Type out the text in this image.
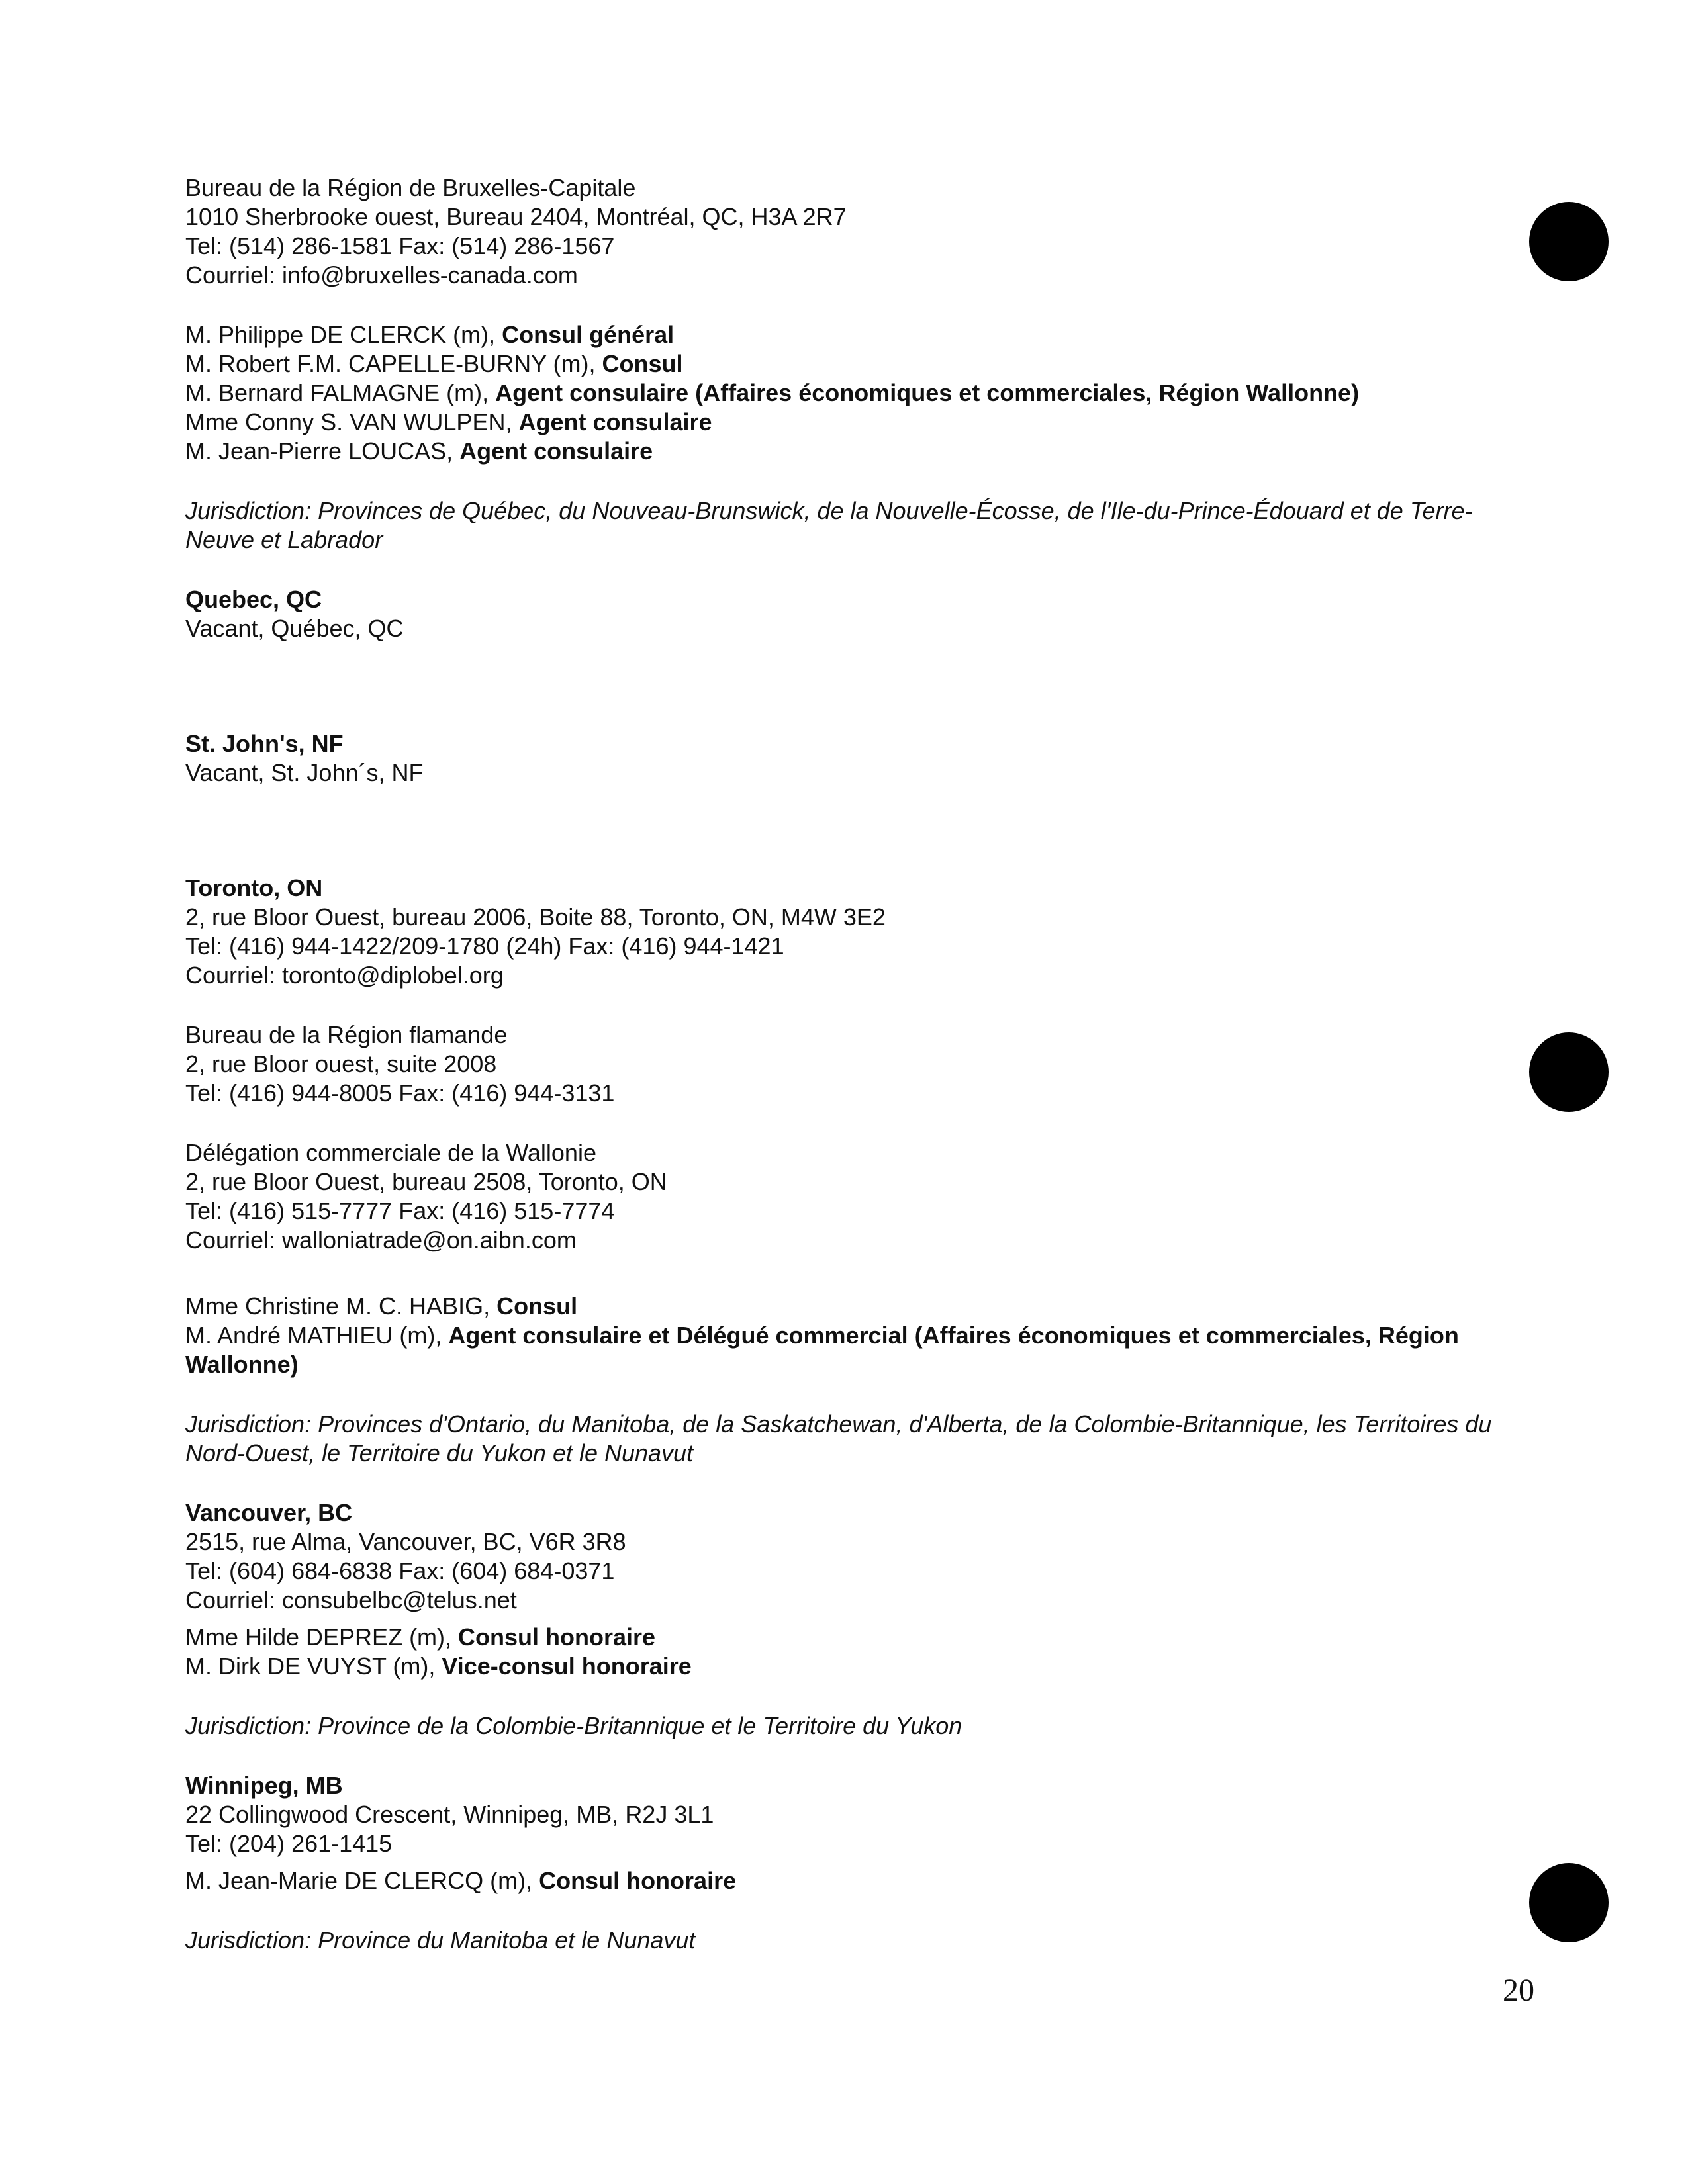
Bureau de la Région de Bruxelles-Capitale
1010 Sherbrooke ouest, Bureau 2404, Montréal, QC, H3A 2R7
Tel: (514) 286-1581 Fax: (514) 286-1567
Courriel: info@bruxelles-canada.com
M. Philippe DE CLERCK (m), Consul général
M. Robert F.M. CAPELLE-BURNY (m), Consul
M. Bernard FALMAGNE (m), Agent consulaire (Affaires économiques et commerciales, Région Wallonne)
Mme Conny S. VAN WULPEN, Agent consulaire
M. Jean-Pierre LOUCAS, Agent consulaire
Jurisdiction: Provinces de Québec, du Nouveau-Brunswick, de la Nouvelle-Écosse, de l'Ile-du-Prince-Édouard et de Terre-Neuve et Labrador
Quebec, QC
Vacant, Québec, QC
St. John's, NF
Vacant, St. John´s, NF
Toronto, ON
2, rue Bloor Ouest, bureau 2006, Boite 88, Toronto, ON, M4W 3E2
Tel: (416) 944-1422/209-1780 (24h) Fax: (416) 944-1421
Courriel: toronto@diplobel.org
Bureau de la Région flamande
2, rue Bloor ouest, suite 2008
Tel: (416) 944-8005 Fax: (416) 944-3131
Délégation commerciale de la Wallonie
2, rue Bloor Ouest, bureau 2508, Toronto, ON
Tel: (416) 515-7777 Fax: (416) 515-7774
Courriel: walloniatrade@on.aibn.com
Mme Christine M. C. HABIG, Consul
M. André MATHIEU (m), Agent consulaire et Délégué commercial (Affaires économiques et commerciales, Région Wallonne)
Jurisdiction: Provinces d'Ontario, du Manitoba, de la Saskatchewan, d'Alberta, de la Colombie-Britannique, les Territoires du Nord-Ouest, le Territoire du Yukon et le Nunavut
Vancouver, BC
2515, rue Alma, Vancouver, BC, V6R 3R8
Tel: (604) 684-6838 Fax: (604) 684-0371
Courriel: consubelbc@telus.net
Mme Hilde DEPREZ (m), Consul honoraire
M. Dirk DE VUYST (m), Vice-consul honoraire
Jurisdiction: Province de la Colombie-Britannique et le Territoire du Yukon
Winnipeg, MB
22 Collingwood Crescent, Winnipeg, MB, R2J 3L1
Tel: (204) 261-1415
M. Jean-Marie DE CLERCQ (m), Consul honoraire
Jurisdiction: Province du Manitoba et le Nunavut
20
